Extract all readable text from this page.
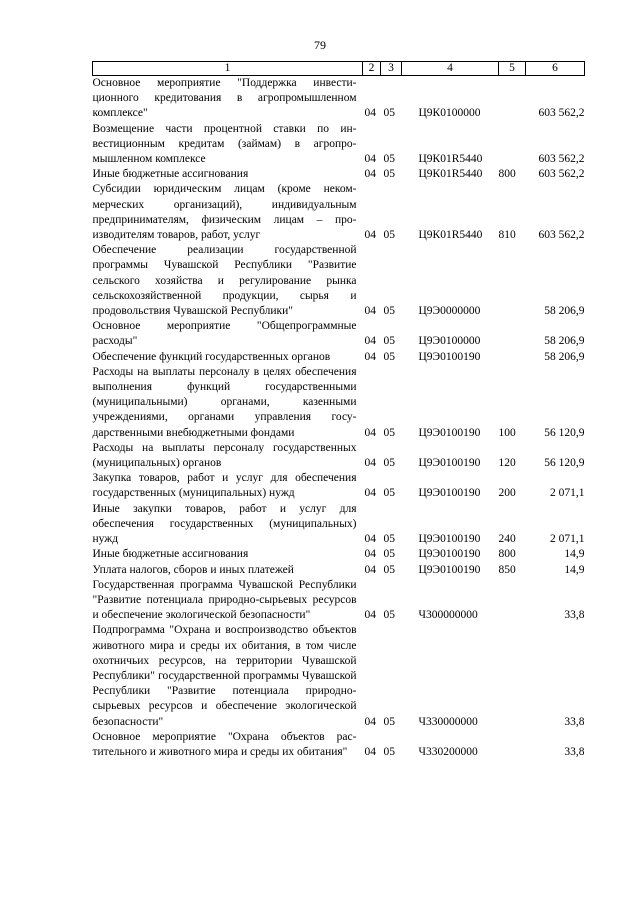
79
1	2	3	4	5	6
Основное мероприятие "Поддержка инвестиционного кредитования в агропромышленном комплексе"	04	05	Ц9К0100000		603 562,2
Возмещение части процентной ставки по инвестиционным кредитам (займам) в агропромышленном комплексе	04	05	Ц9К01R5440		603 562,2
Иные бюджетные ассигнования	04	05	Ц9К01R5440	800	603 562,2
Субсидии юридическим лицам (кроме некоммерческих организаций), индивидуальным предпринимателям, физическим лицам – производителям товаров, работ, услуг	04	05	Ц9К01R5440	810	603 562,2
Обеспечение реализации государственной программы Чувашской Республики "Развитие сельского хозяйства и регулирование рынка сельскохозяйственной продукции, сырья и продовольствия Чувашской Республики"	04	05	Ц9Э0000000		58 206,9
Основное мероприятие "Общепрограммные расходы"	04	05	Ц9Э0100000		58 206,9
Обеспечение функций государственных органов	04	05	Ц9Э0100190		58 206,9
Расходы на выплаты персоналу в целях обеспечения выполнения функций государственными (муниципальными) органами, казенными учреждениями, органами управления государственными внебюджетными фондами	04	05	Ц9Э0100190	100	56 120,9
Расходы на выплаты персоналу государственных (муниципальных) органов	04	05	Ц9Э0100190	120	56 120,9
Закупка товаров, работ и услуг для обеспечения государственных (муниципальных) нужд	04	05	Ц9Э0100190	200	2 071,1
Иные закупки товаров, работ и услуг для обеспечения государственных (муниципальных) нужд	04	05	Ц9Э0100190	240	2 071,1
Иные бюджетные ассигнования	04	05	Ц9Э0100190	800	14,9
Уплата налогов, сборов и иных платежей	04	05	Ц9Э0100190	850	14,9
Государственная программа Чувашской Республики "Развитие потенциала природно-сырьевых ресурсов и обеспечение экологической безопасности"	04	05	Ч300000000		33,8
Подпрограмма "Охрана и воспроизводство объектов животного мира и среды их обитания, в том числе охотничьих ресурсов, на территории Чувашской Республики" государственной программы Чувашской Республики "Развитие потенциала природно-сырьевых ресурсов и обеспечение экологической безопасности"	04	05	Ч330000000		33,8
Основное мероприятие "Охрана объектов растительного и животного мира и среды их обитания"	04	05	Ч330200000		33,8
